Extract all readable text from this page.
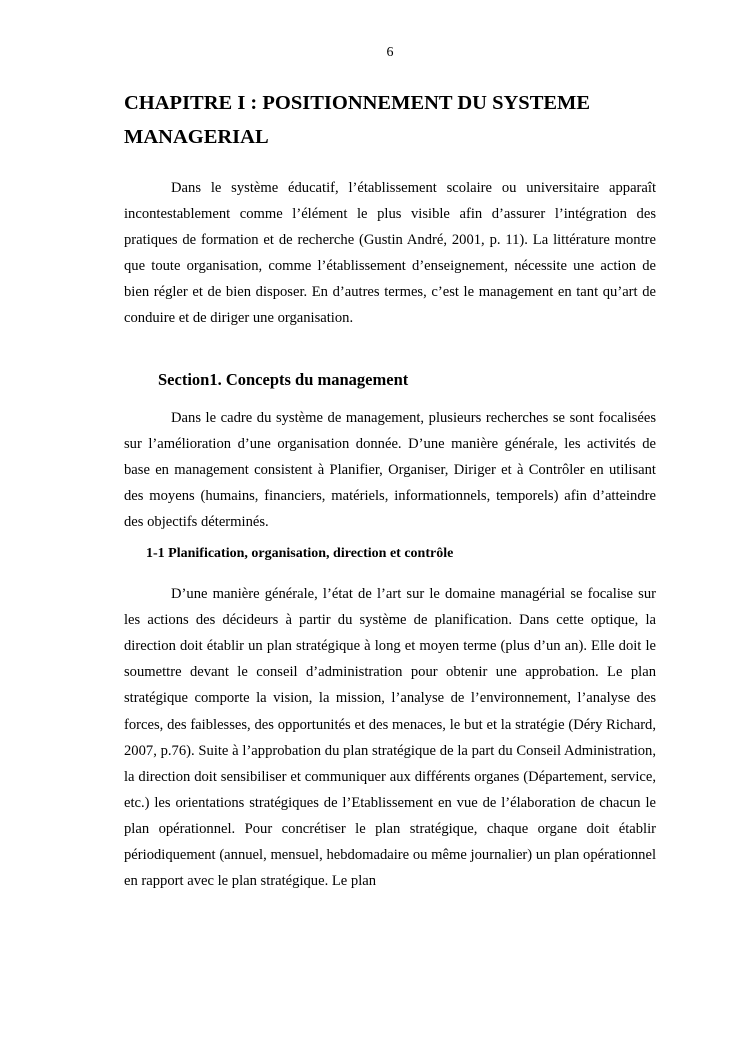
6
CHAPITRE I : POSITIONNEMENT DU SYSTEME MANAGERIAL

Dans le système éducatif, l’établissement scolaire ou universitaire apparaît incontestablement comme l’élément le plus visible afin d’assurer l’intégration des pratiques de formation et de recherche (Gustin André, 2001, p. 11). La littérature montre que toute organisation, comme l’établissement d’enseignement, nécessite une action de bien régler et de bien disposer. En d’autres termes, c’est le management en tant qu’art de conduire et de diriger une organisation.

Section1. Concepts du management

Dans le cadre du système de management, plusieurs recherches se sont focalisées sur l’amélioration d’une organisation donnée. D’une manière générale, les activités de base en management consistent à Planifier, Organiser, Diriger et à Contrôler en utilisant des moyens (humains, financiers, matériels, informationnels, temporels) afin d’atteindre des objectifs déterminés.

1-1 Planification, organisation, direction et contrôle

D’une manière générale, l’état de l’art sur le domaine managérial se focalise sur les actions des décideurs à partir du système de planification. Dans cette optique, la direction doit établir un plan stratégique à long et moyen terme (plus d’un an). Elle doit le soumettre devant le conseil d’administration pour obtenir une approbation. Le plan stratégique comporte la vision, la mission, l’analyse de l’environnement, l’analyse des forces, des faiblesses, des opportunités et des menaces, le but et la stratégie (Déry Richard, 2007, p.76). Suite à l’approbation du plan stratégique de la part du Conseil Administration, la direction doit sensibiliser et communiquer aux différents organes (Département, service, etc.) les orientations stratégiques de l’Etablissement en vue de l’élaboration de chacun le plan opérationnel. Pour concrétiser le plan stratégique, chaque organe doit établir périodiquement (annuel, mensuel, hebdomadaire ou même journalier) un plan opérationnel en rapport avec le plan stratégique. Le plan
